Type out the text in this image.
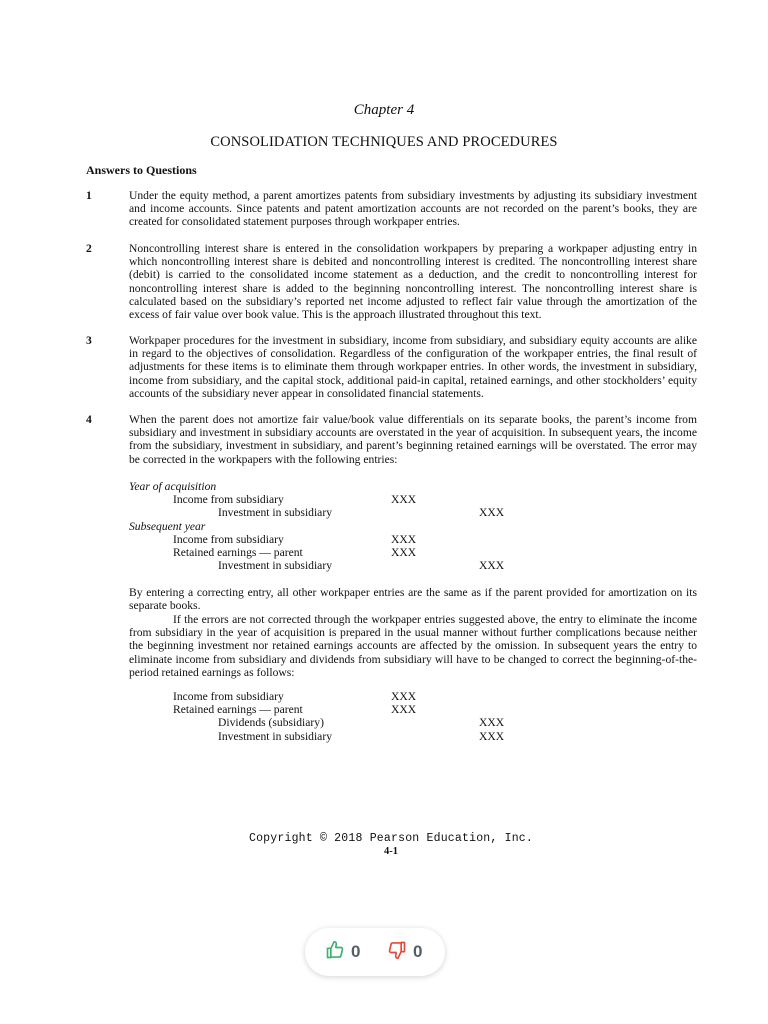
Chapter 4
CONSOLIDATION TECHNIQUES AND PROCEDURES
Answers to Questions
1	Under the equity method, a parent amortizes patents from subsidiary investments by adjusting its subsidiary investment and income accounts. Since patents and patent amortization accounts are not recorded on the parent’s books, they are created for consolidated statement purposes through workpaper entries.
2	Noncontrolling interest share is entered in the consolidation workpapers by preparing a workpaper adjusting entry in which noncontrolling interest share is debited and noncontrolling interest is credited. The noncontrolling interest share (debit) is carried to the consolidated income statement as a deduction, and the credit to noncontrolling interest for noncontrolling interest share is added to the beginning noncontrolling interest. The noncontrolling interest share is calculated based on the subsidiary’s reported net income adjusted to reflect fair value through the amortization of the excess of fair value over book value. This is the approach illustrated throughout this text.
3	Workpaper procedures for the investment in subsidiary, income from subsidiary, and subsidiary equity accounts are alike in regard to the objectives of consolidation. Regardless of the configuration of the workpaper entries, the final result of adjustments for these items is to eliminate them through workpaper entries. In other words, the investment in subsidiary, income from subsidiary, and the capital stock, additional paid-in capital, retained earnings, and other stockholders’ equity accounts of the subsidiary never appear in consolidated financial statements.
4	When the parent does not amortize fair value/book value differentials on its separate books, the parent’s income from subsidiary and investment in subsidiary accounts are overstated in the year of acquisition. In subsequent years, the income from the subsidiary, investment in subsidiary, and parent’s beginning retained earnings will be overstated. The error may be corrected in the workpapers with the following entries:
Year of acquisition
Income from subsidiary	XXX
Investment in subsidiary	XXX
Subsequent year
Income from subsidiary	XXX
Retained earnings — parent	XXX
Investment in subsidiary	XXX
By entering a correcting entry, all other workpaper entries are the same as if the parent provided for amortization on its separate books.
If the errors are not corrected through the workpaper entries suggested above, the entry to eliminate the income from subsidiary in the year of acquisition is prepared in the usual manner without further complications because neither the beginning investment nor retained earnings accounts are affected by the omission. In subsequent years the entry to eliminate income from subsidiary and dividends from subsidiary will have to be changed to correct the beginning-of-the-period retained earnings as follows:
Income from subsidiary	XXX
Retained earnings — parent	XXX
Dividends (subsidiary)	XXX
Investment in subsidiary	XXX
Copyright © 2018 Pearson Education, Inc.
4-1
0	0
